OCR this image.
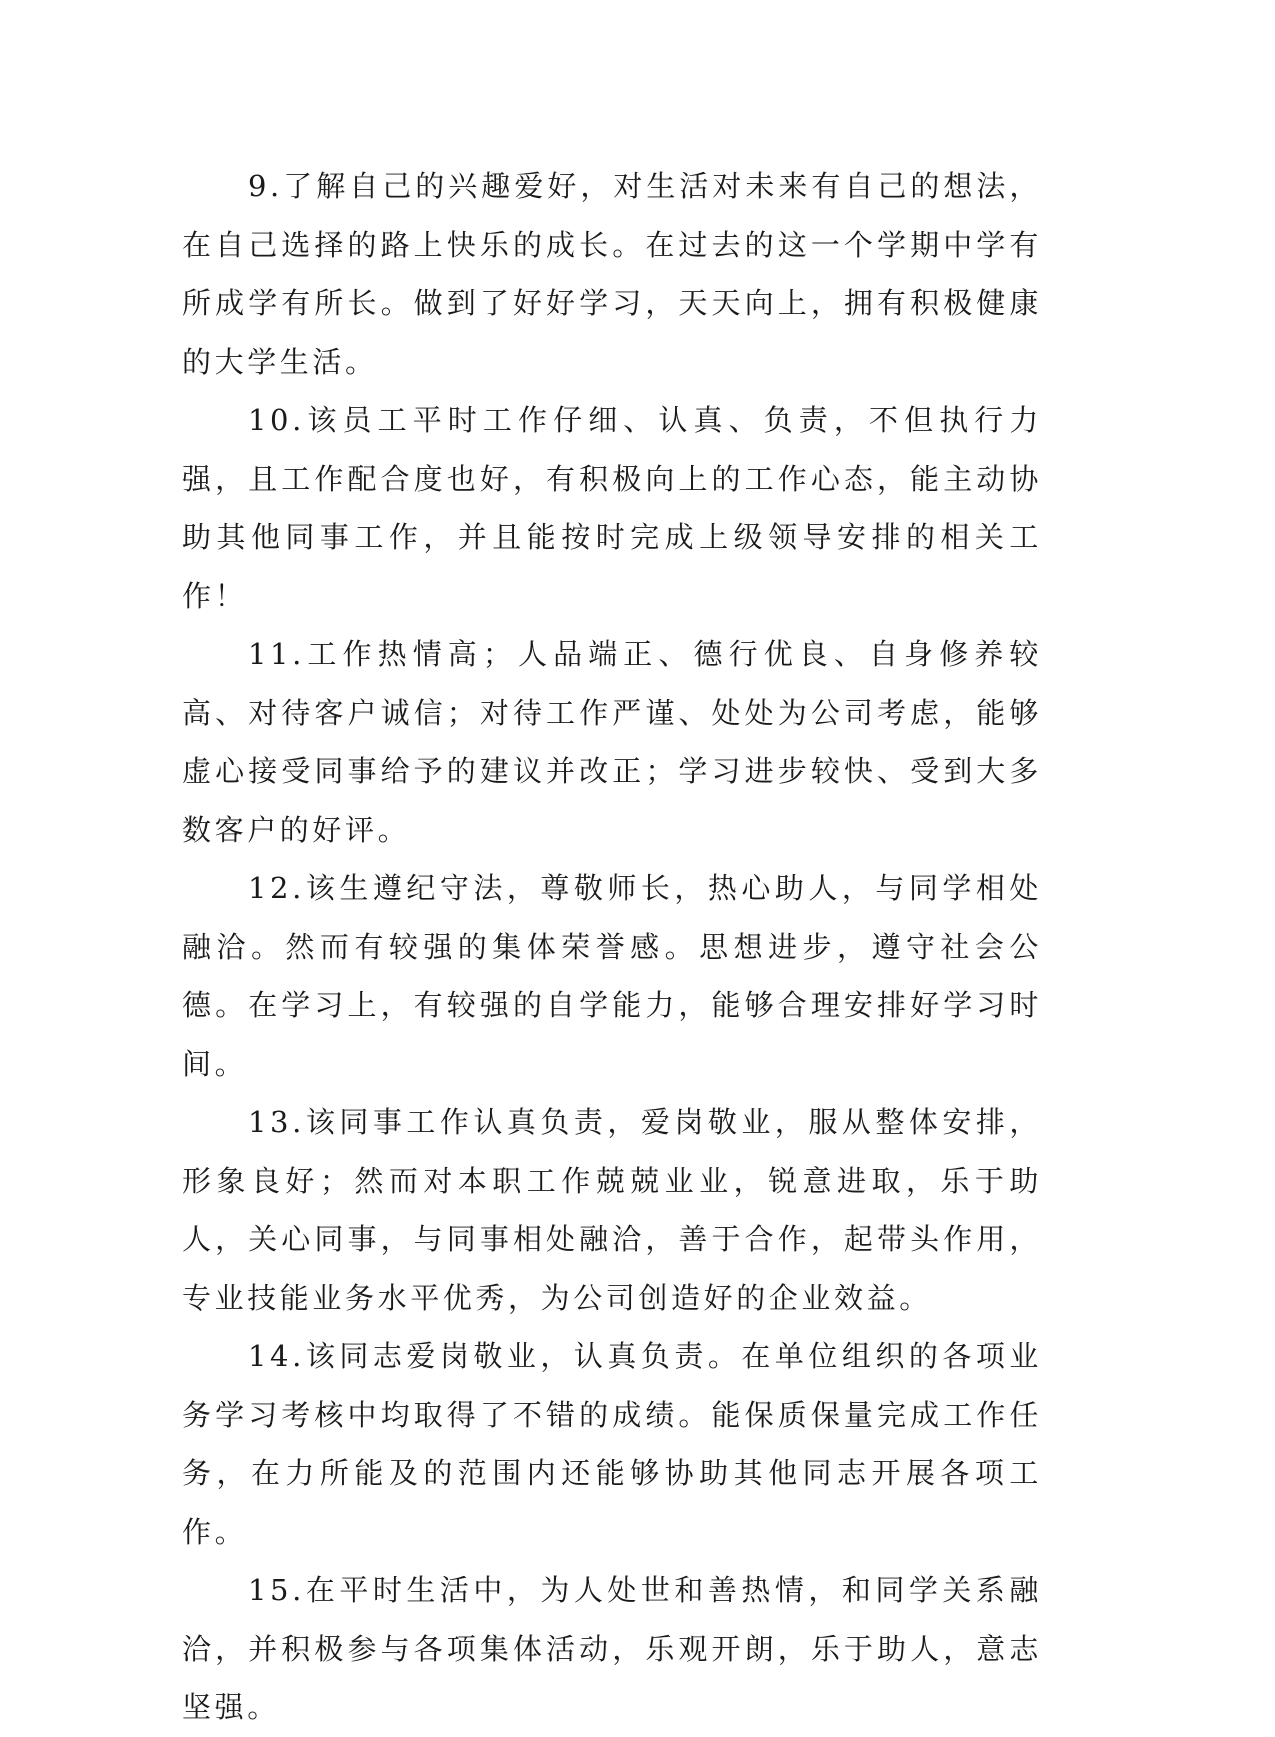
9.了解自己的兴趣爱好，对生活对未来有自己的想法，在自己选择的路上快乐的成长。在过去的这一个学期中学有所成学有所长。做到了好好学习，天天向上，拥有积极健康的大学生活。

10.该员工平时工作仔细、认真、负责，不但执行力强，且工作配合度也好，有积极向上的工作心态，能主动协助其他同事工作，并且能按时完成上级领导安排的相关工作！

11.工作热情高；人品端正、德行优良、自身修养较高、对待客户诚信；对待工作严谨、处处为公司考虑，能够虚心接受同事给予的建议并改正；学习进步较快、受到大多数客户的好评。

12.该生遵纪守法，尊敬师长，热心助人，与同学相处融洽。然而有较强的集体荣誉感。思想进步，遵守社会公德。在学习上，有较强的自学能力，能够合理安排好学习时间。

13.该同事工作认真负责，爱岗敬业，服从整体安排，形象良好；然而对本职工作兢兢业业，锐意进取，乐于助人，关心同事，与同事相处融洽，善于合作，起带头作用，专业技能业务水平优秀，为公司创造好的企业效益。

14.该同志爱岗敬业，认真负责。在单位组织的各项业务学习考核中均取得了不错的成绩。能保质保量完成工作任务，在力所能及的范围内还能够协助其他同志开展各项工作。

15.在平时生活中，为人处世和善热情，和同学关系融洽，并积极参与各项集体活动，乐观开朗，乐于助人，意志坚强。
